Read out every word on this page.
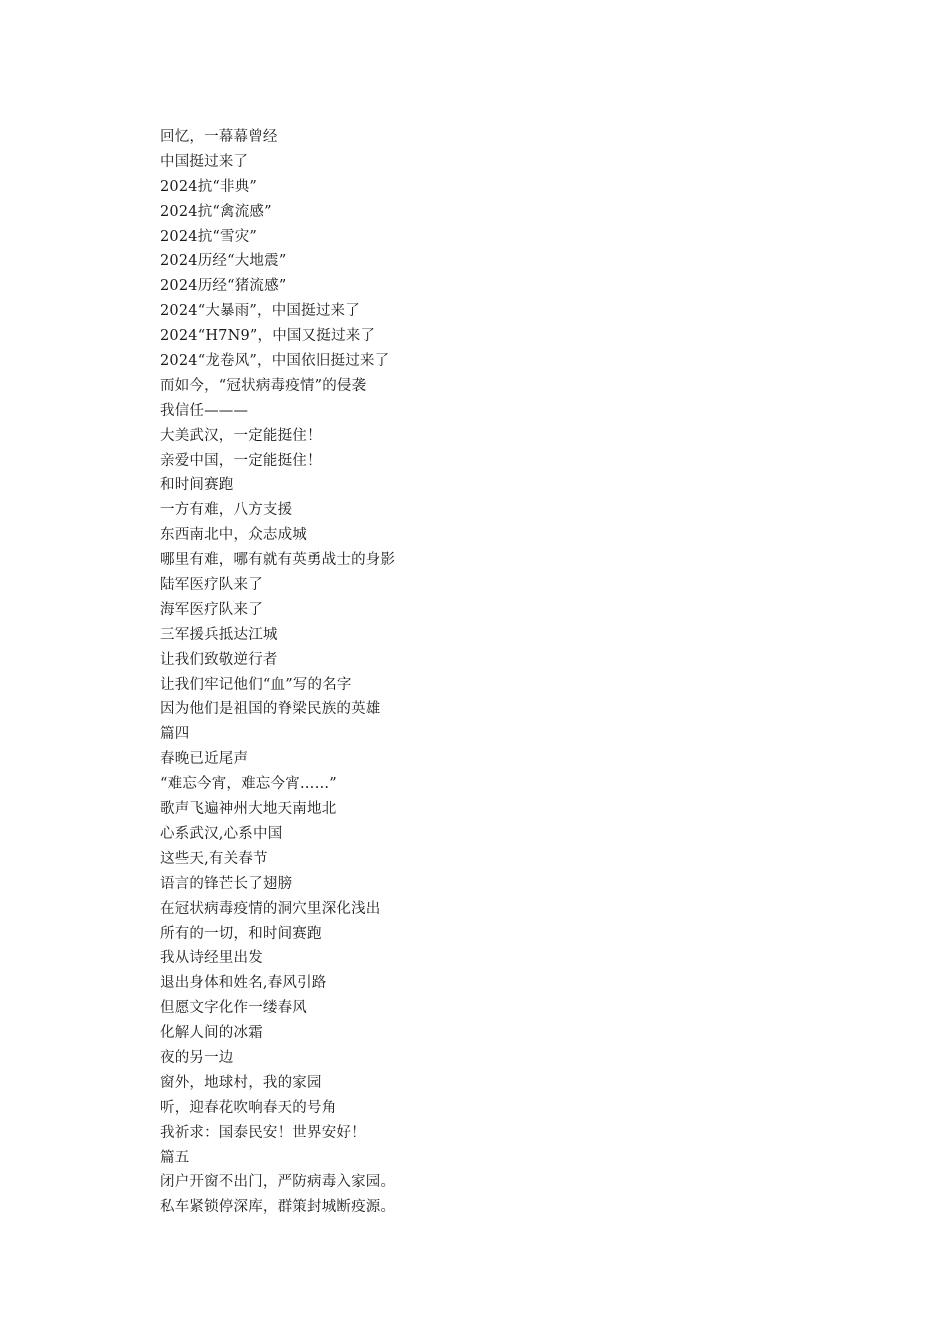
回忆，一幕幕曾经
中国挺过来了
2024抗“非典”
2024抗“禽流感”
2024抗“雪灾”
2024历经“大地震”
2024历经“猪流感”
2024“大暴雨”，中国挺过来了
2024“H7N9”，中国又挺过来了
2024“龙卷风”，中国依旧挺过来了
而如今，“冠状病毒疫情”的侵袭
我信任———
大美武汉，一定能挺住！
亲爱中国，一定能挺住！
和时间赛跑
一方有难，八方支援
东西南北中，众志成城
哪里有难，哪有就有英勇战士的身影
陆军医疗队来了
海军医疗队来了
三军援兵抵达江城
让我们致敬逆行者
让我们牢记他们“血”写的名字
因为他们是祖国的脊梁民族的英雄
篇四
春晚已近尾声
“难忘今宵，难忘今宵……”
歌声飞遍神州大地天南地北
心系武汉,心系中国
这些天,有关春节
语言的锋芒长了翅膀
在冠状病毒疫情的洞穴里深化浅出
所有的一切，和时间赛跑
我从诗经里出发
退出身体和姓名,春风引路
但愿文字化作一缕春风
化解人间的冰霜
夜的另一边
窗外，地球村，我的家园
听，迎春花吹响春天的号角
我祈求：国泰民安！世界安好！
篇五
闭户开窗不出门，严防病毒入家园。
私车紧锁停深库，群策封城断疫源。
